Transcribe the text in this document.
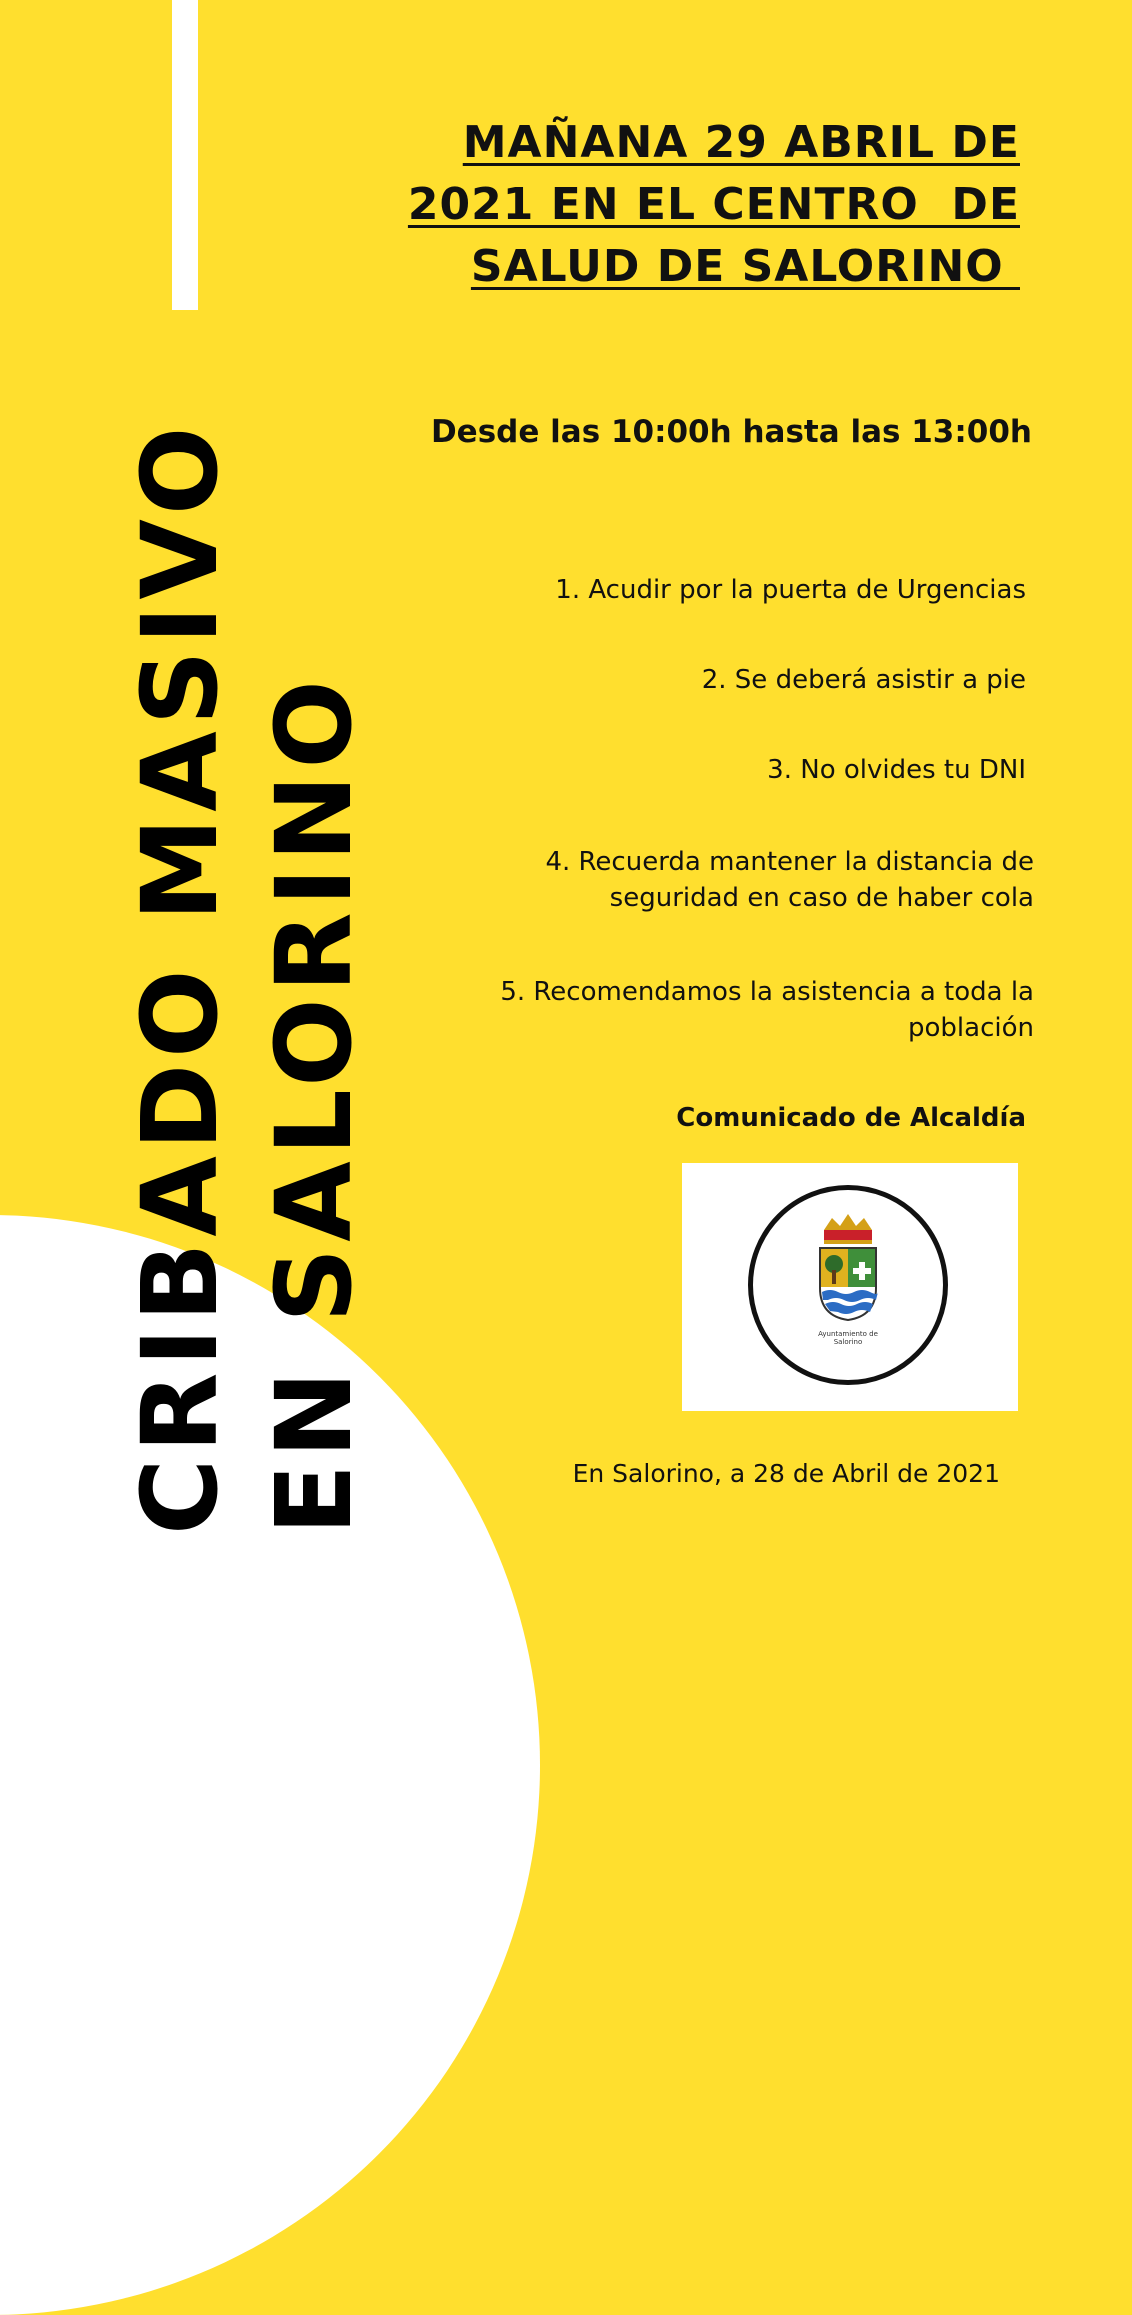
CRIBADO MASIVO EN SALORINO
MAÑANA 29 ABRIL DE
2021 EN EL CENTRO  DE
SALUD DE SALORINO
Desde las 10:00h hasta las 13:00h
1. Acudir por la puerta de Urgencias
2. Se deberá asistir a pie
3. No olvides tu DNI
4. Recuerda mantener la distancia de
seguridad en caso de haber cola
5. Recomendamos la asistencia a toda la
población
Comunicado de Alcaldía
Ayuntamiento de
Salorino
En Salorino, a 28 de Abril de 2021
